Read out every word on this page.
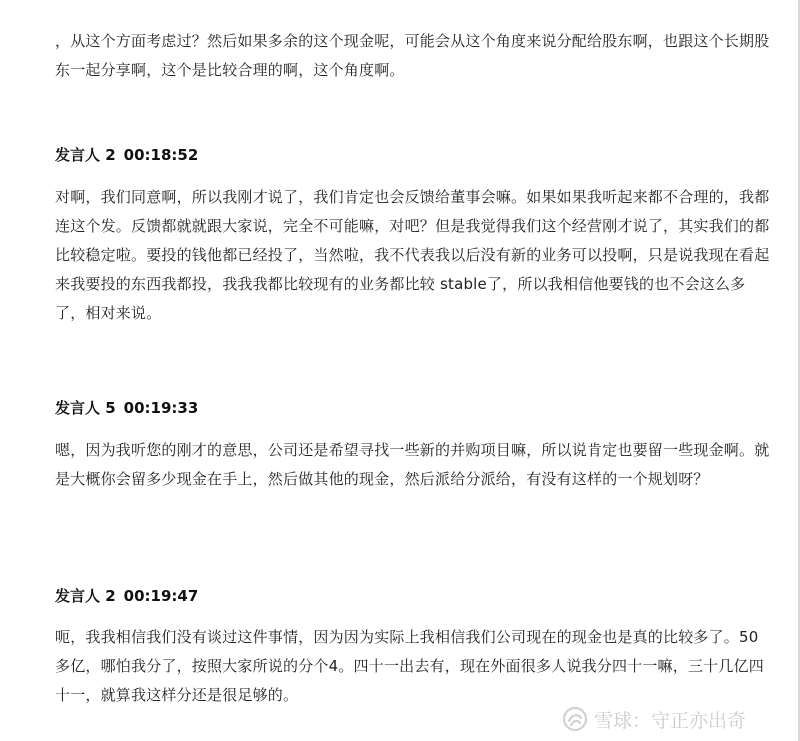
，从这个方面考虑过？然后如果多余的这个现金呢，可能会从这个角度来说分配给股东啊，也跟这个长期股东一起分享啊，这个是比较合理的啊，这个角度啊。

发言人 2 00:18:52

对啊，我们同意啊，所以我刚才说了，我们肯定也会反馈给董事会嘛。如果如果我听起来都不合理的，我都连这个发。反馈都就就跟大家说，完全不可能嘛，对吧？但是我觉得我们这个经营刚才说了，其实我们的都比较稳定啦。要投的钱他都已经投了，当然啦，我不代表我以后没有新的业务可以投啊，只是说我现在看起来我要投的东西我都投，我我我都比较现有的业务都比较 stable了，所以我相信他要钱的也不会这么多了，相对来说。

发言人 5 00:19:33

嗯，因为我听您的刚才的意思，公司还是希望寻找一些新的并购项目嘛，所以说肯定也要留一些现金啊。就是大概你会留多少现金在手上，然后做其他的现金，然后派给分派给，有没有这样的一个规划呀？

发言人 2 00:19:47

呃，我我相信我们没有谈过这件事情，因为因为实际上我相信我们公司现在的现金也是真的比较多了。50多亿，哪怕我分了，按照大家所说的分个4。四十一出去有，现在外面很多人说我分四十一嘛，三十几亿四十一，就算我这样分还是很足够的。

雪球：守正亦出奇
